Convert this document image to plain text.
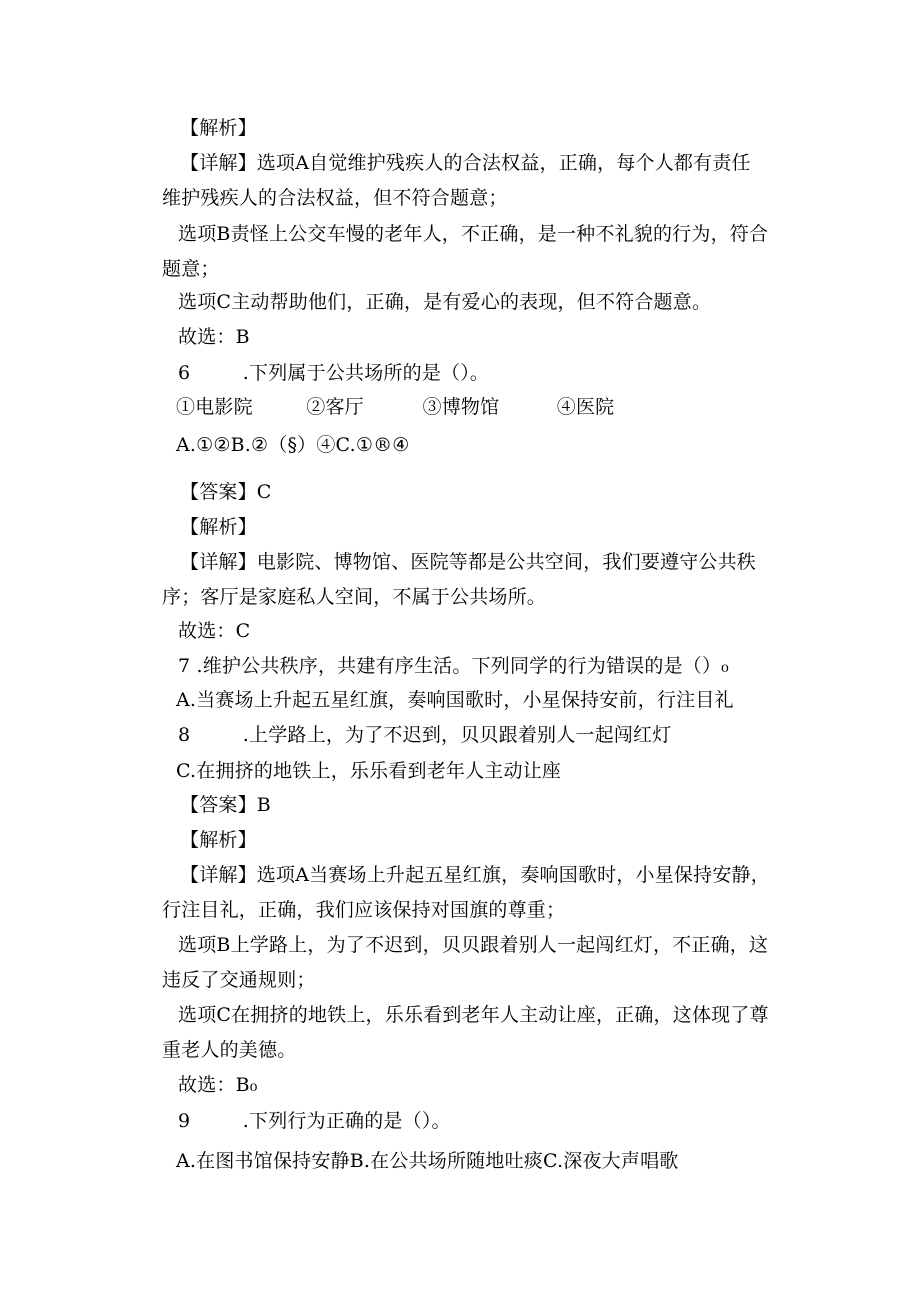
【解析】
【详解】选项A自觉维护残疾人的合法权益，正确，每个人都有责任
维护残疾人的合法权益，但不符合题意；
选项B责怪上公交车慢的老年人，不正确，是一种不礼貌的行为，符合
题意；
选项C主动帮助他们，正确，是有爱心的表现，但不符合题意。
故选：B
6	.下列属于公共场所的是（）。
①电影院	②客厅	③博物馆	④医院
A.①②B.②（§）④C.①®④
【答案】C
【解析】
【详解】电影院、博物馆、医院等都是公共空间，我们要遵守公共秩
序；客厅是家庭私人空间，不属于公共场所。
故选：C
7 .维护公共秩序，共建有序生活。下列同学的行为错误的是（）₀
A.当赛场上升起五星红旗，奏响国歌时，小星保持安前，行注目礼
8	.上学路上，为了不迟到，贝贝跟着别人一起闯红灯
C.在拥挤的地铁上，乐乐看到老年人主动让座
【答案】B
【解析】
【详解】选项A当赛场上升起五星红旗，奏响国歌时，小星保持安静，
行注目礼，正确，我们应该保持对国旗的尊重；
选项B上学路上，为了不迟到，贝贝跟着别人一起闯红灯，不正确，这
违反了交通规则；
选项C在拥挤的地铁上，乐乐看到老年人主动让座，正确，这体现了尊
重老人的美德。
故选：B₀
9	.下列行为正确的是（）。
A.在图书馆保持安静B.在公共场所随地吐痰C.深夜大声唱歌
